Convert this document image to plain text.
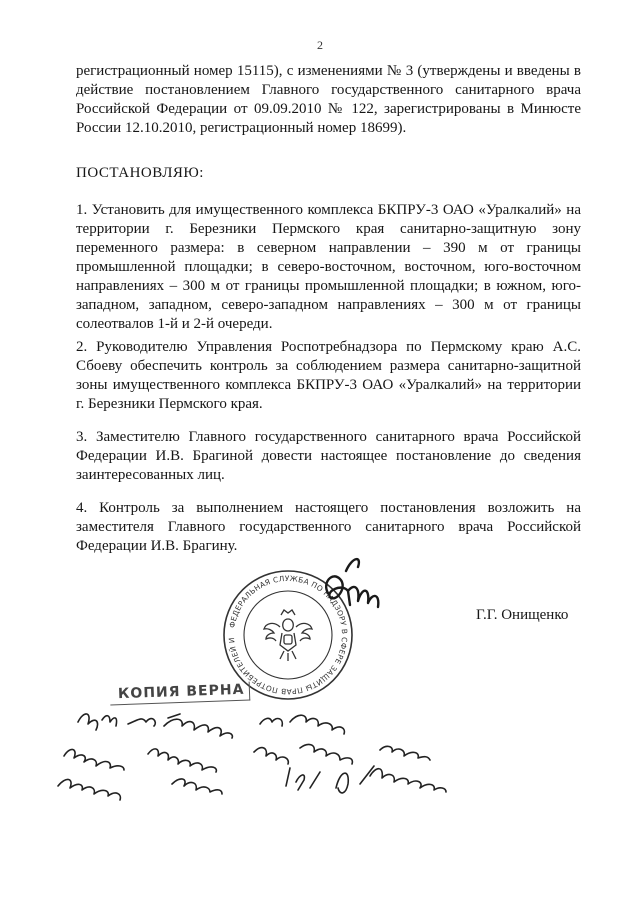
2

регистрационный номер 15115), с изменениями № 3 (утверждены и введены в действие постановлением Главного государственного санитарного врача Российской Федерации от 09.09.2010 № 122, зарегистрированы в Минюсте России 12.10.2010, регистрационный номер 18699).

ПОСТАНОВЛЯЮ:

1. Установить для имущественного комплекса БКПРУ-3 ОАО «Уралкалий» на территории г. Березники Пермского края санитарно-защитную зону переменного размера: в северном направлении – 390 м от границы промышленной площадки; в северо-восточном, восточном, юго-восточном направлениях – 300 м от границы промышленной площадки; в южном, юго-западном, западном, северо-западном направлениях – 300 м от границы солеотвалов 1-й и 2-й очереди.

2. Руководителю Управления Роспотребнадзора по Пермскому краю А.С. Сбоеву обеспечить контроль за соблюдением размера санитарно-защитной зоны имущественного комплекса БКПРУ-3 ОАО «Уралкалий» на территории г. Березники Пермского края.

3. Заместителю Главного государственного санитарного врача Российской Федерации И.В. Брагиной довести настоящее постановление до сведения заинтересованных лиц.

4. Контроль за выполнением настоящего постановления возложить на заместителя Главного государственного санитарного врача Российской Федерации И.В. Брагину.

ФЕДЕРАЛЬНАЯ СЛУЖБА ПО НАДЗОРУ В СФЕРЕ ЗАЩИТЫ ПРАВ ПОТРЕБИТЕЛЕЙ И
Г.Г. Онищенко
КОПИЯ ВЕРНА
